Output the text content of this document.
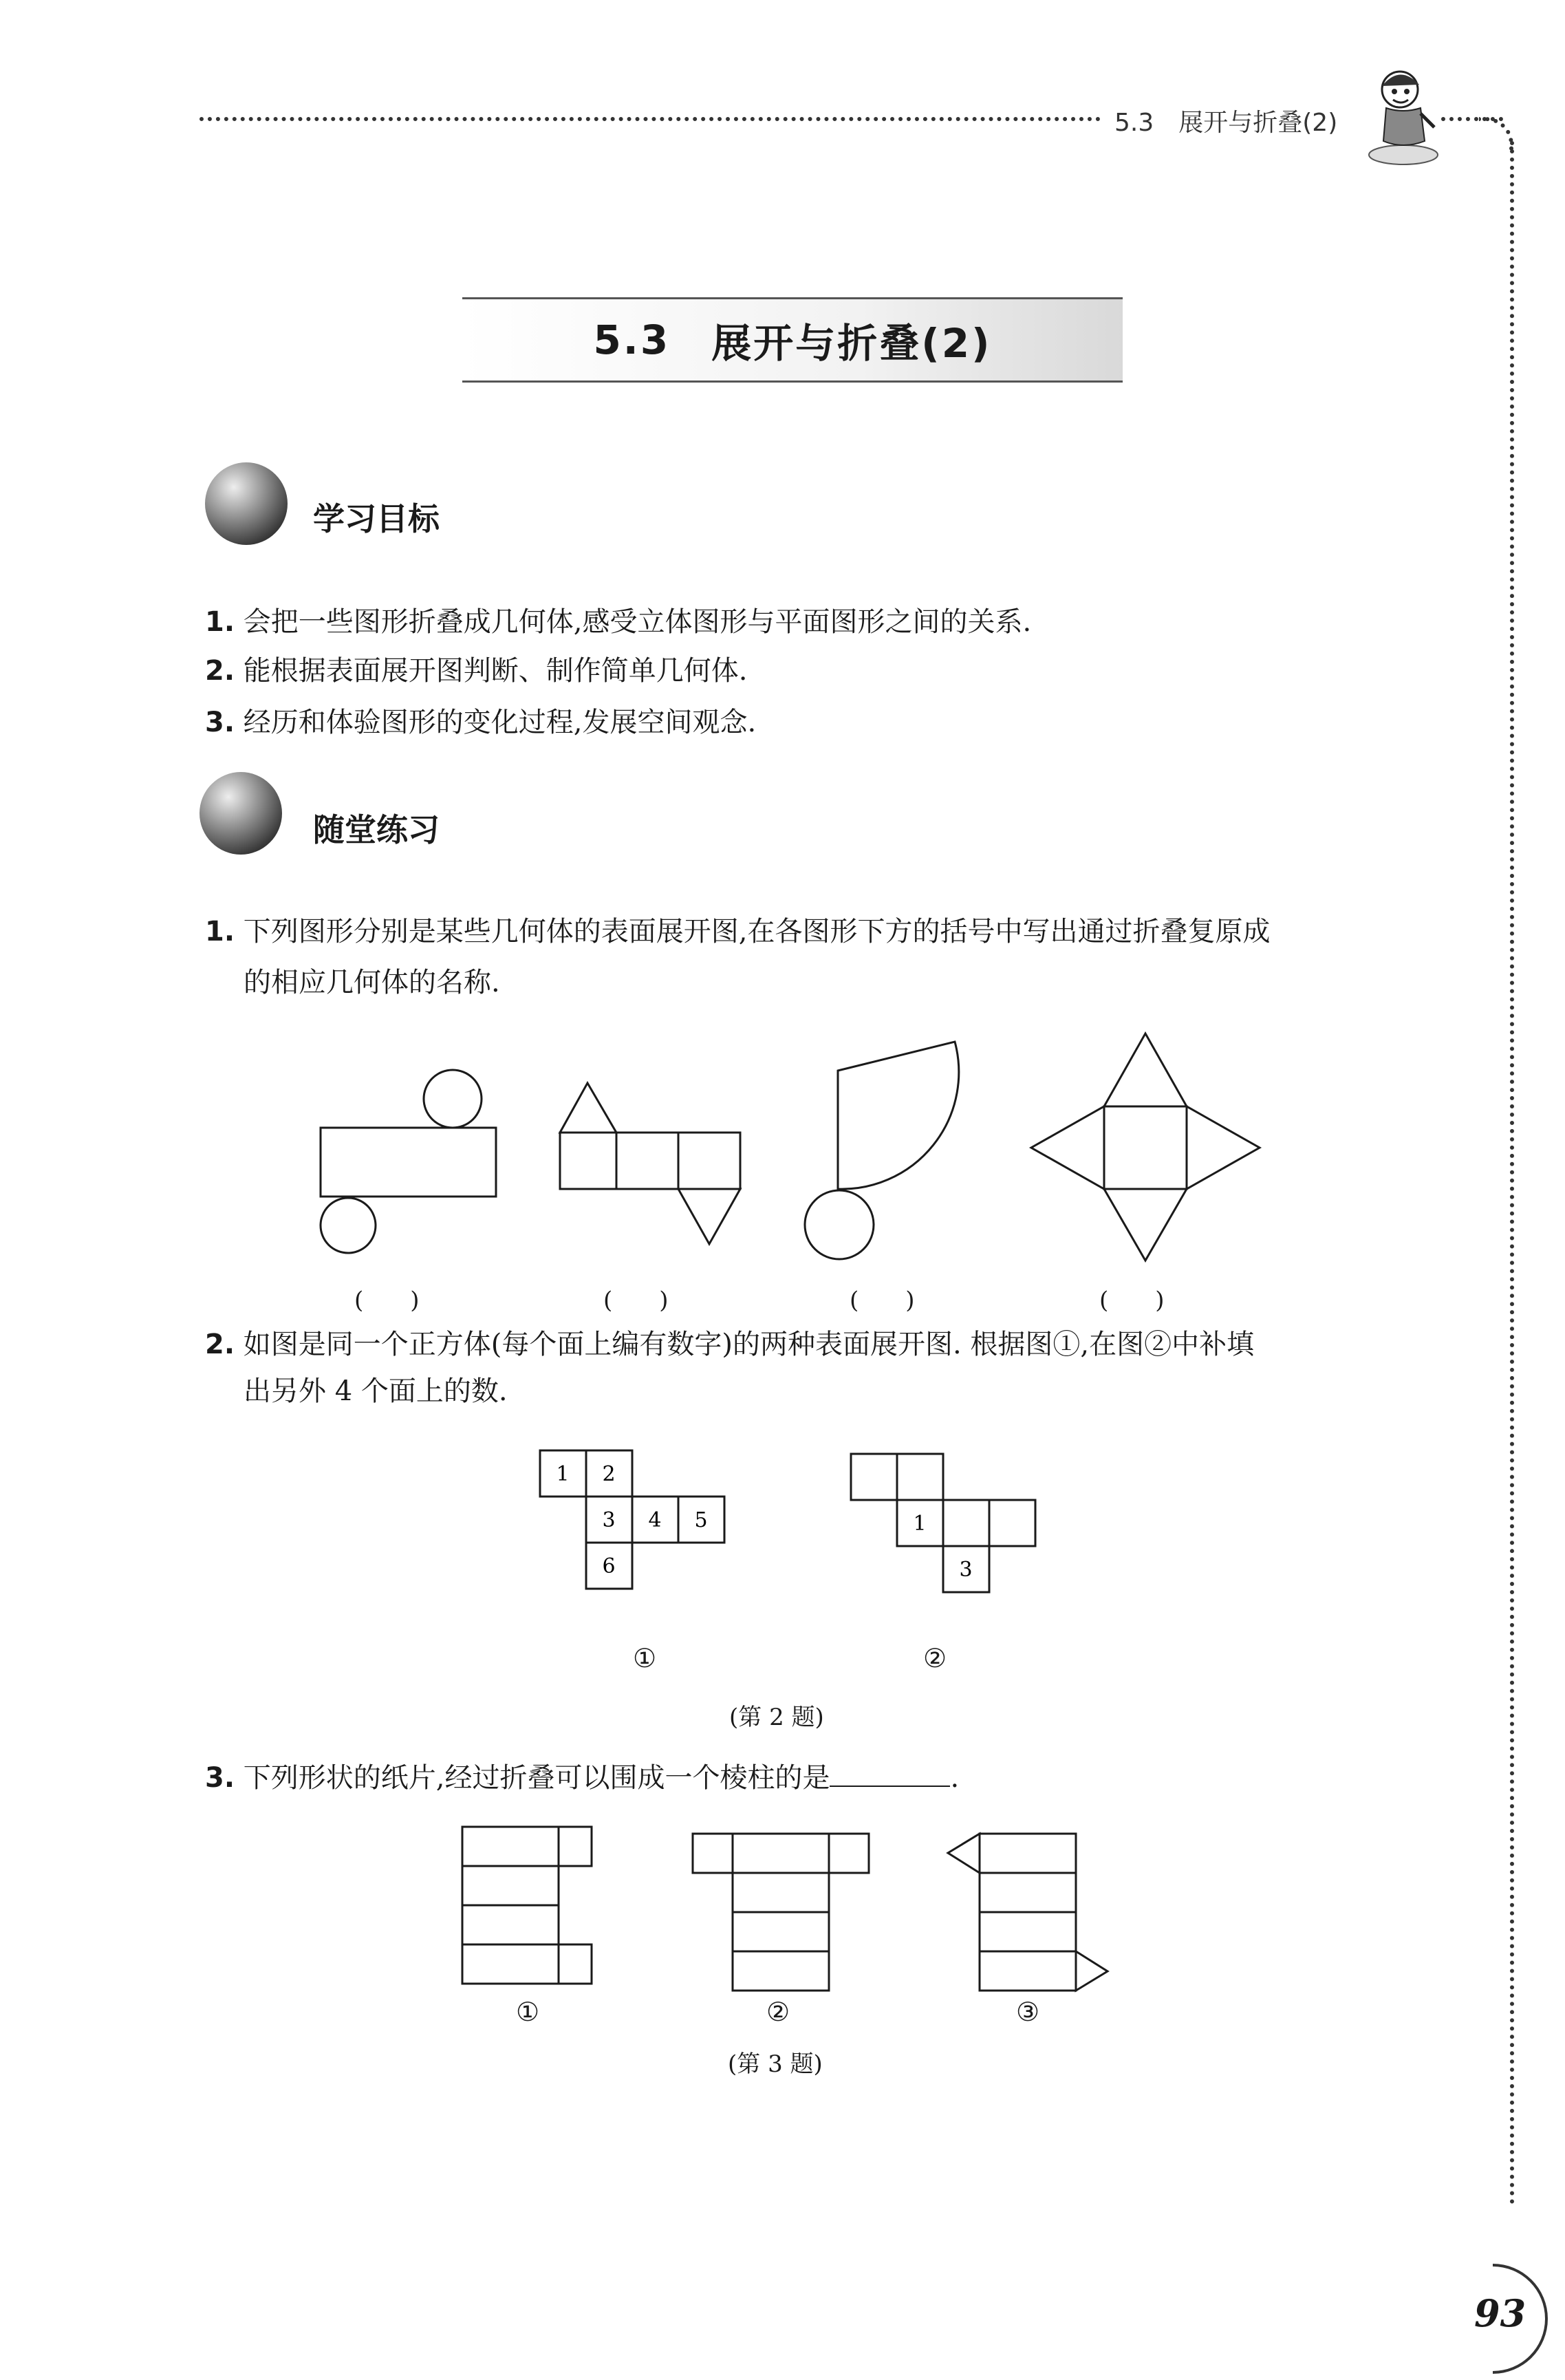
5.3　展开与折叠(2)
5.3 展开与折叠(2)
学习目标
1. 会把一些图形折叠成几何体,感受立体图形与平面图形之间的关系.
2. 能根据表面展开图判断、制作简单几何体.
3. 经历和体验图形的变化过程,发展空间观念.
随堂练习
1. 下列图形分别是某些几何体的表面展开图,在各图形下方的括号中写出通过折叠复原成
的相应几何体的名称.
(　　)	(　　)	(　　)	(　　)
2. 如图是同一个正方体(每个面上编有数字)的两种表面展开图. 根据图①,在图②中补填
出另外 4 个面上的数.
1 2
3 4 5
6
1
3
①	②
(第 2 题)
3. 下列形状的纸片,经过折叠可以围成一个棱柱的是	.
①	②	③
(第 3 题)
93
